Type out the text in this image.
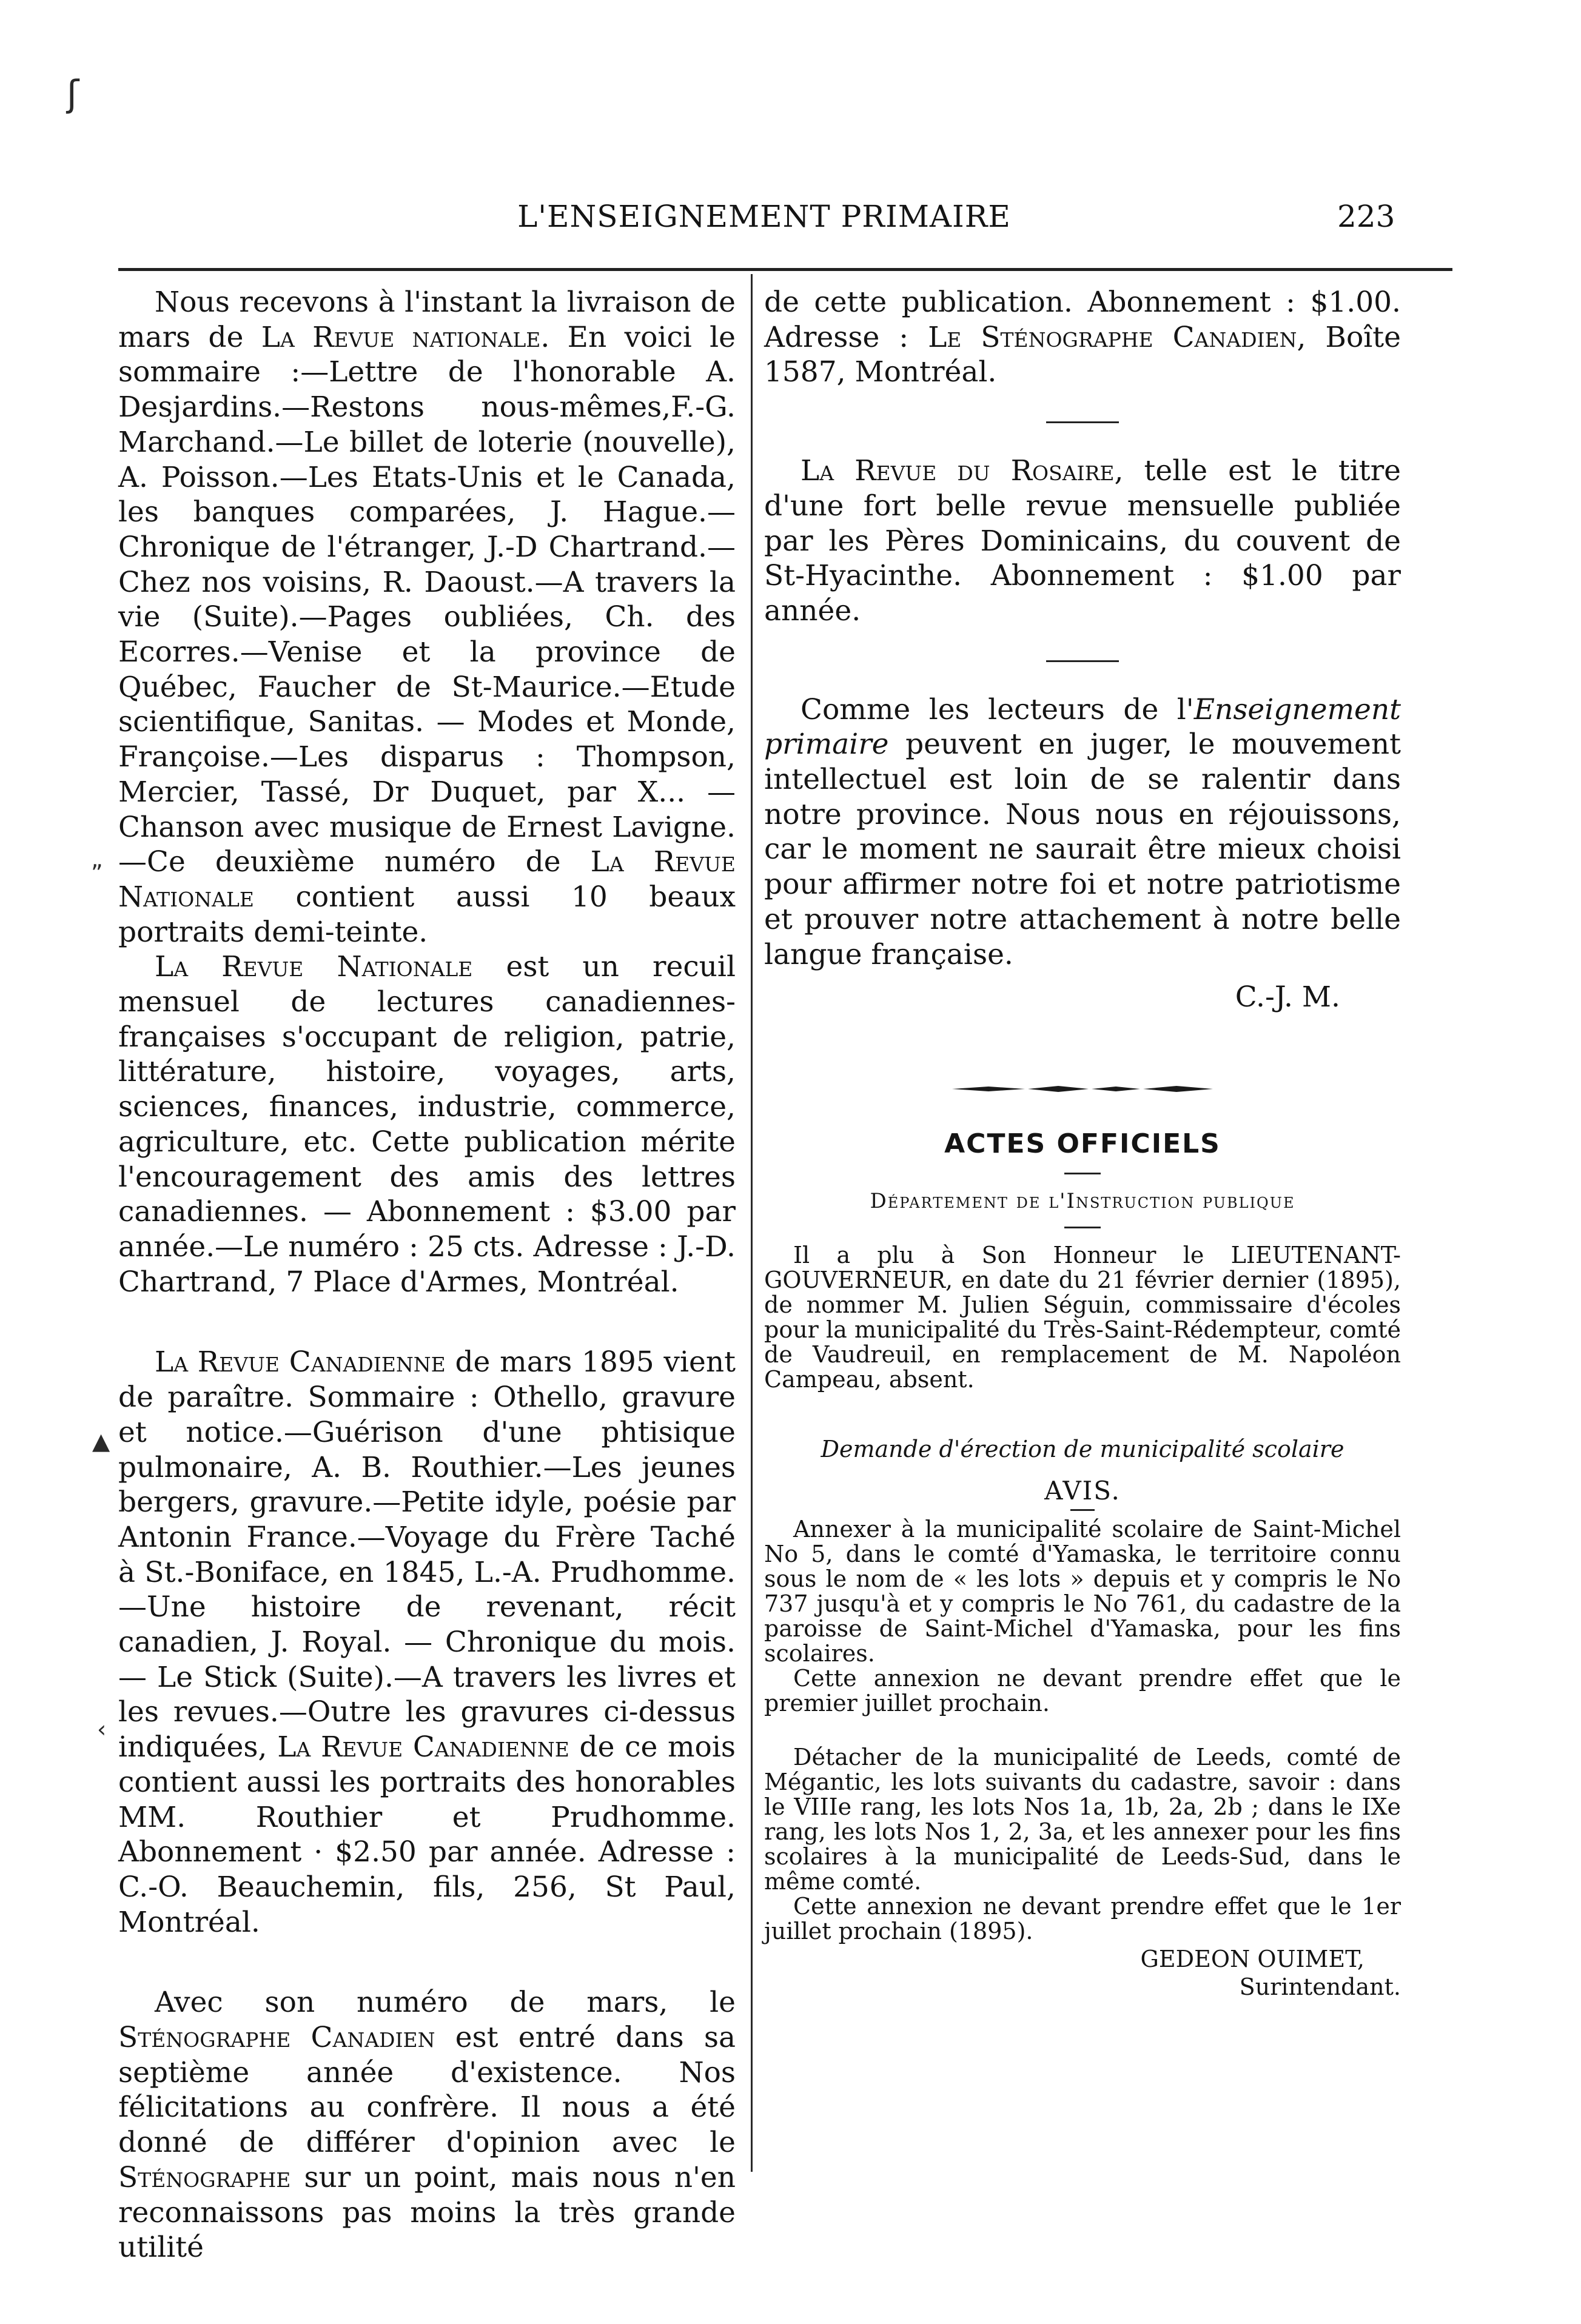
ʃ
L'ENSEIGNEMENT PRIMAIRE	223

Nous recevons à l'instant la livraison de mars de La Revue nationale. En voici le sommaire :—Lettre de l'honorable A. Desjardins.—Restons nous-mêmes,F.-G. Marchand.—Le billet de loterie (nouvelle), A. Poisson.—Les Etats-Unis et le Canada, les banques comparées, J. Hague.—Chronique de l'étranger, J.-D Chartrand.—Chez nos voisins, R. Daoust.—A travers la vie (Suite).—Pages oubliées, Ch. des Ecorres.—Venise et la province de Québec, Faucher de St-Maurice.—Etude scientifique, Sanitas. — Modes et Monde, Françoise.—Les disparus : Thompson, Mercier, Tassé, Dr Duquet, par X... — Chanson avec musique de Ernest Lavigne.—Ce deuxième numéro de La Revue Nationale contient aussi 10 beaux portraits demi-teinte.

La Revue Nationale est un recuil mensuel de lectures canadiennes-françaises s'occupant de religion, patrie, littérature, histoire, voyages, arts, sciences, finances, industrie, commerce, agriculture, etc. Cette publication mérite l'encouragement des amis des lettres canadiennes. — Abonnement : $3.00 par année.—Le numéro : 25 cts. Adresse : J.-D. Chartrand, 7 Place d'Armes, Montréal.

La Revue Canadienne de mars 1895 vient de paraître. Sommaire : Othello, gravure et notice.—Guérison d'une phtisique pulmonaire, A. B. Routhier.—Les jeunes bergers, gravure.—Petite idyle, poésie par Antonin France.—Voyage du Frère Taché à St.-Boniface, en 1845, L.-A. Prudhomme.—Une histoire de revenant, récit canadien, J. Royal. — Chronique du mois. — Le Stick (Suite).—A travers les livres et les revues.—Outre les gravures ci-dessus indiquées, La Revue Canadienne de ce mois contient aussi les portraits des honorables MM. Routhier et Prudhomme. Abonnement · $2.50 par année. Adresse : C.-O. Beauchemin, fils, 256, St Paul, Montréal.

Avec son numéro de mars, le Sténographe Canadien est entré dans sa septième année d'existence. Nos félicitations au confrère. Il nous a été donné de différer d'opinion avec le Sténographe sur un point, mais nous n'en reconnaissons pas moins la très grande utilité

de cette publication. Abonnement : $1.00. Adresse : Le Sténographe Canadien, Boîte 1587, Montréal.

La Revue du Rosaire, telle est le titre d'une fort belle revue mensuelle publiée par les Pères Dominicains, du couvent de St-Hyacinthe. Abonnement : $1.00 par année.

Comme les lecteurs de l'Enseignement primaire peuvent en juger, le mouvement intellectuel est loin de se ralentir dans notre province. Nous nous en réjouissons, car le moment ne saurait être mieux choisi pour affirmer notre foi et notre patriotisme et prouver notre attachement à notre belle langue française.

C.-J. M.

ACTES OFFICIELS

Département de l'Instruction publique

Il a plu à Son Honneur le LIEUTENANT-GOUVERNEUR, en date du 21 février dernier (1895), de nommer M. Julien Séguin, commissaire d'écoles pour la municipalité du Très-Saint-Rédempteur, comté de Vaudreuil, en remplacement de M. Napoléon Campeau, absent.

Demande d'érection de municipalité scolaire

AVIS.

Annexer à la municipalité scolaire de Saint-Michel No 5, dans le comté d'Yamaska, le territoire connu sous le nom de « les lots » depuis et y compris le No 737 jusqu'à et y compris le No 761, du cadastre de la paroisse de Saint-Michel d'Yamaska, pour les fins scolaires.

Cette annexion ne devant prendre effet que le premier juillet prochain.

Détacher de la municipalité de Leeds, comté de Mégantic, les lots suivants du cadastre, savoir : dans le VIIIe rang, les lots Nos 1a, 1b, 2a, 2b ; dans le IXe rang, les lots Nos 1, 2, 3a, et les annexer pour les fins scolaires à la municipalité de Leeds-Sud, dans le même comté.

Cette annexion ne devant prendre effet que le 1er juillet prochain (1895).

GEDEON OUIMET,

Surintendant.

„
▲
‹
